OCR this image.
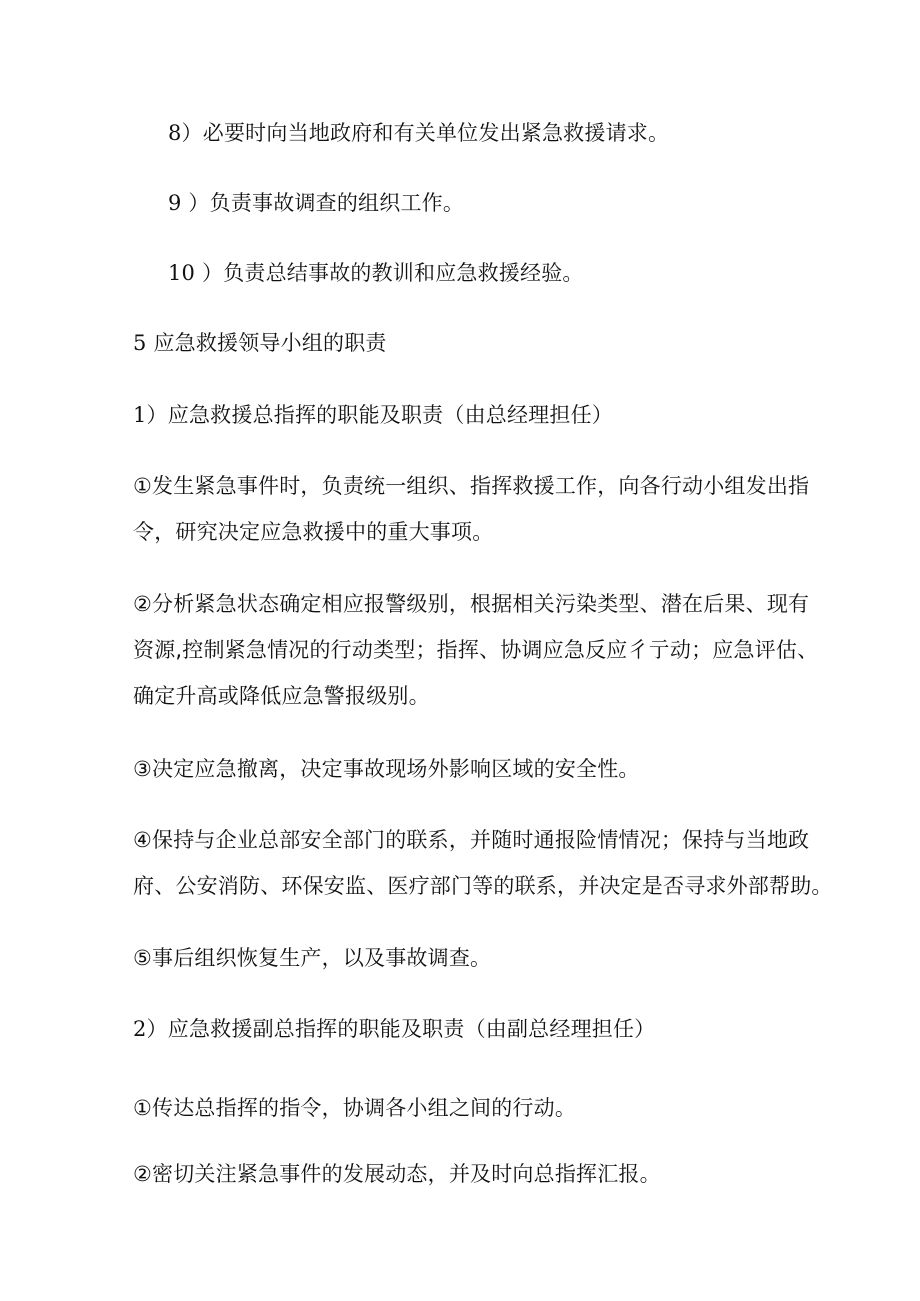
8）必要时向当地政府和有关单位发出紧急救援请求。
9 ）负责事故调查的组织工作。
10 ）负责总结事故的教训和应急救援经验。
5 应急救援领导小组的职责
1）应急救援总指挥的职能及职责（由总经理担任）
①发生紧急事件时，负责统一组织、指挥救援工作，向各行动小组发出指
令，研究决定应急救援中的重大事项。
②分析紧急状态确定相应报警级别，根据相关污染类型、潜在后果、现有
资源,控制紧急情况的行动类型；指挥、协调应急反应彳亍动；应急评估、
确定升高或降低应急警报级别。
③决定应急撤离，决定事故现场外影响区域的安全性。
④保持与企业总部安全部门的联系，并随时通报险情情况；保持与当地政
府、公安消防、环保安监、医疗部门等的联系，并决定是否寻求外部帮助。
⑤事后组织恢复生产，以及事故调查。
2）应急救援副总指挥的职能及职责（由副总经理担任）
①传达总指挥的指令，协调各小组之间的行动。
②密切关注紧急事件的发展动态，并及时向总指挥汇报。
